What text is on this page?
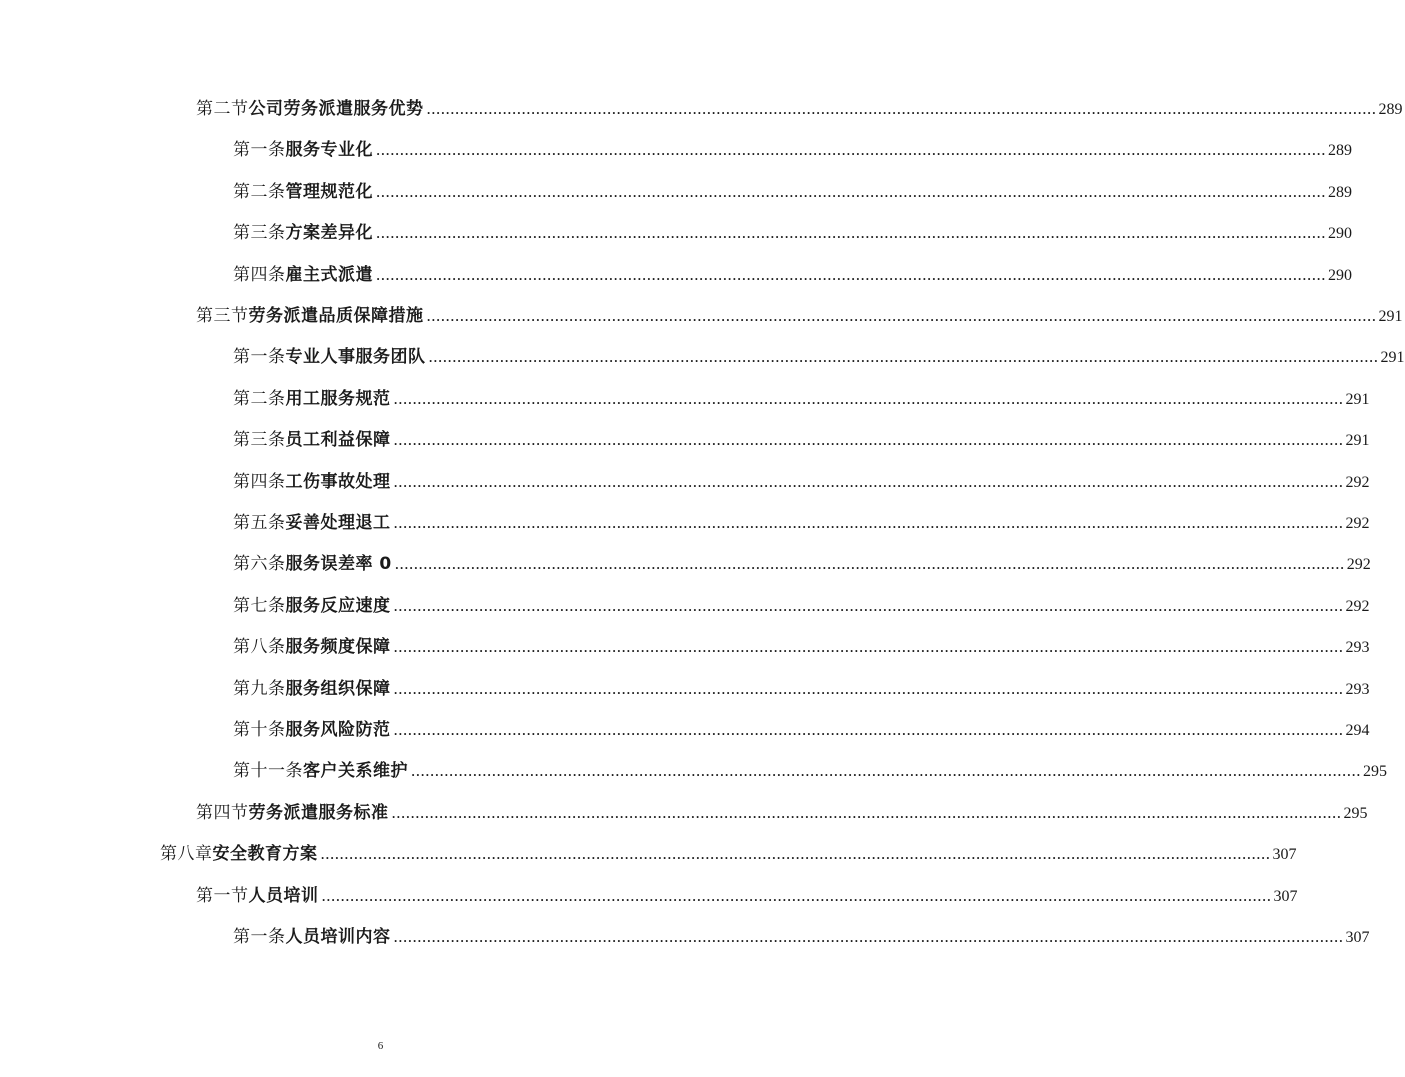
第二节 公司劳务派遣服务优势 ........................................................................................................................................................................................................ 289
第一条 服务专业化 ........................................................................................................................................................................................................ 289
第二条 管理规范化 ........................................................................................................................................................................................................ 289
第三条 方案差异化 ........................................................................................................................................................................................................ 290
第四条 雇主式派遣 ........................................................................................................................................................................................................ 290
第三节 劳务派遣品质保障措施 ........................................................................................................................................................................................................ 291
第一条 专业人事服务团队 ........................................................................................................................................................................................................ 291
第二条 用工服务规范 ........................................................................................................................................................................................................ 291
第三条 员工利益保障 ........................................................................................................................................................................................................ 291
第四条 工伤事故处理 ........................................................................................................................................................................................................ 292
第五条 妥善处理退工 ........................................................................................................................................................................................................ 292
第六条 服务误差率 0 ........................................................................................................................................................................................................ 292
第七条 服务反应速度 ........................................................................................................................................................................................................ 292
第八条 服务频度保障 ........................................................................................................................................................................................................ 293
第九条 服务组织保障 ........................................................................................................................................................................................................ 293
第十条 服务风险防范 ........................................................................................................................................................................................................ 294
第十一条 客户关系维护 ........................................................................................................................................................................................................ 295
第四节 劳务派遣服务标准 ........................................................................................................................................................................................................ 295
第八章 安全教育方案 ........................................................................................................................................................................................................ 307
第一节 人员培训 ........................................................................................................................................................................................................ 307
第一条 人员培训内容 ........................................................................................................................................................................................................ 307
6
